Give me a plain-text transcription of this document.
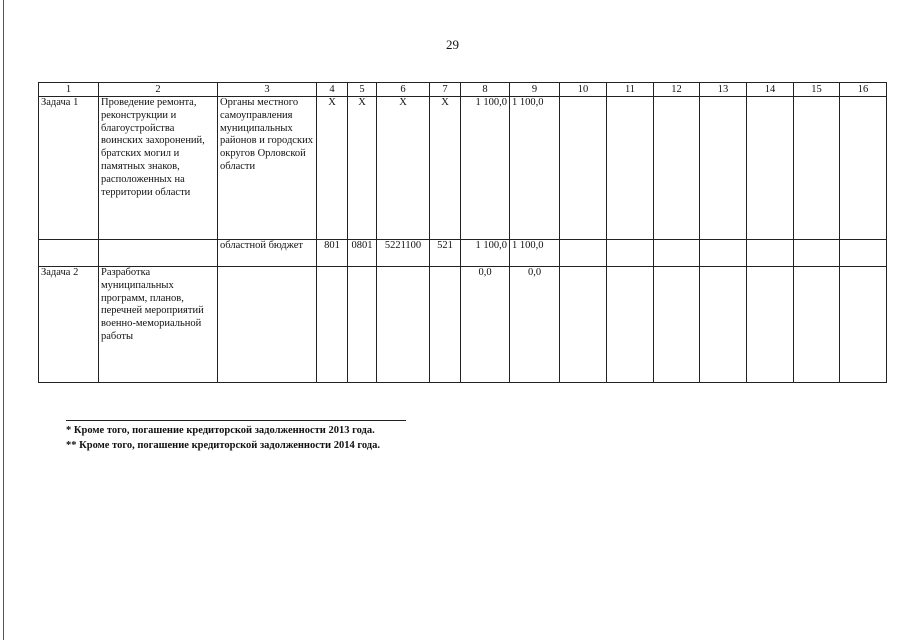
29
1	2	3	4	5	6	7	8	9	10	11	12	13	14	15	16
Задача 1	Проведение ремонта, реконструкции и благоустройства воинских захоронений, братских могил и памятных знаков, расположенных на территории области	Органы местного самоуправления муниципальных районов и городских округов Орловской области	Х	Х	Х	Х	1 100,0	1 100,0							
		областной бюджет	801	0801	5221100	521	1 100,0	1 100,0							
Задача 2	Разработка муниципальных программ, планов, перечней мероприятий военно-мемориальной работы						0,0	0,0							
* Кроме того, погашение кредиторской задолженности 2013 года.
** Кроме того, погашение кредиторской задолженности 2014 года.
